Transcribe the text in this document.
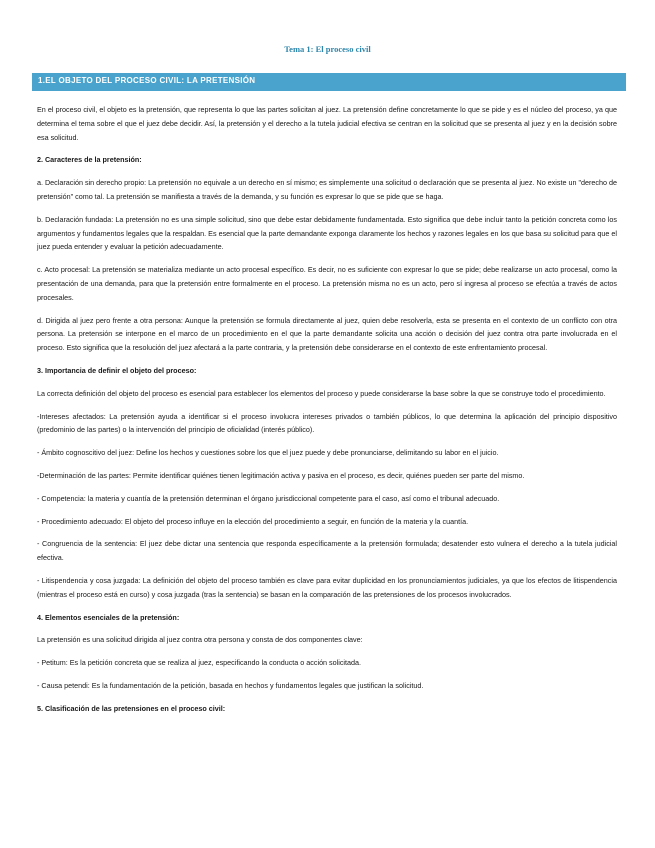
Tema 1: El proceso civil
1.EL OBJETO DEL PROCESO CIVIL: LA PRETENSIÓN
En el proceso civil, el objeto es la pretensión, que representa lo que las partes solicitan al juez. La pretensión define concretamente lo que se pide y es el núcleo del proceso, ya que determina el tema sobre el que el juez debe decidir. Así, la pretensión y el derecho a la tutela judicial efectiva se centran en la solicitud que se presenta al juez y en la decisión sobre esa solicitud.
2. Caracteres de la pretensión:
a. Declaración sin derecho propio: La pretensión no equivale a un derecho en sí mismo; es simplemente una solicitud o declaración que se presenta al juez. No existe un "derecho de pretensión" como tal. La pretensión se manifiesta a través de la demanda, y su función es expresar lo que se pide que se haga.
b. Declaración fundada: La pretensión no es una simple solicitud, sino que debe estar debidamente fundamentada. Esto significa que debe incluir tanto la petición concreta como los argumentos y fundamentos legales que la respaldan. Es esencial que la parte demandante exponga claramente los hechos y razones legales en los que basa su solicitud para que el juez pueda entender y evaluar la petición adecuadamente.
c. Acto procesal: La pretensión se materializa mediante un acto procesal específico. Es decir, no es suficiente con expresar lo que se pide; debe realizarse un acto procesal, como la presentación de una demanda, para que la pretensión entre formalmente en el proceso. La pretensión misma no es un acto, pero sí ingresa al proceso se efectúa a través de actos procesales.
d. Dirigida al juez pero frente a otra persona: Aunque la pretensión se formula directamente al juez, quien debe resolverla, esta se presenta en el contexto de un conflicto con otra persona. La pretensión se interpone en el marco de un procedimiento en el que la parte demandante solicita una acción o decisión del juez contra otra parte involucrada en el proceso. Esto significa que la resolución del juez afectará a la parte contraria, y la pretensión debe considerarse en el contexto de este enfrentamiento procesal.
3. Importancia de definir el objeto del proceso:
La correcta definición del objeto del proceso es esencial para establecer los elementos del proceso y puede considerarse la base sobre la que se construye todo el procedimiento.
-Intereses afectados: La pretensión ayuda a identificar si el proceso involucra intereses privados o también públicos, lo que determina la aplicación del principio dispositivo (predominio de las partes) o la intervención del principio de oficialidad (interés público).
- Ámbito cognoscitivo del juez: Define los hechos y cuestiones sobre los que el juez puede y debe pronunciarse, delimitando su labor en el juicio.
-Determinación de las partes: Permite identificar quiénes tienen legitimación activa y pasiva en el proceso, es decir, quiénes pueden ser parte del mismo.
- Competencia: la materia y cuantía de la pretensión determinan el órgano jurisdiccional competente para el caso, así como el tribunal adecuado.
- Procedimiento adecuado: El objeto del proceso influye en la elección del procedimiento a seguir, en función de la materia y la cuantía.
- Congruencia de la sentencia: El juez debe dictar una sentencia que responda específicamente a la pretensión formulada; desatender esto vulnera el derecho a la tutela judicial efectiva.
- Litispendencia y cosa juzgada: La definición del objeto del proceso también es clave para evitar duplicidad en los pronunciamientos judiciales, ya que los efectos de litispendencia (mientras el proceso está en curso) y cosa juzgada (tras la sentencia) se basan en la comparación de las pretensiones de los procesos involucrados.
4. Elementos esenciales de la pretensión:
La pretensión es una solicitud dirigida al juez contra otra persona y consta de dos componentes clave:
- Petitum: Es la petición concreta que se realiza al juez, especificando la conducta o acción solicitada.
- Causa petendi: Es la fundamentación de la petición, basada en hechos y fundamentos legales que justifican la solicitud.
5. Clasificación de las pretensiones en el proceso civil:
